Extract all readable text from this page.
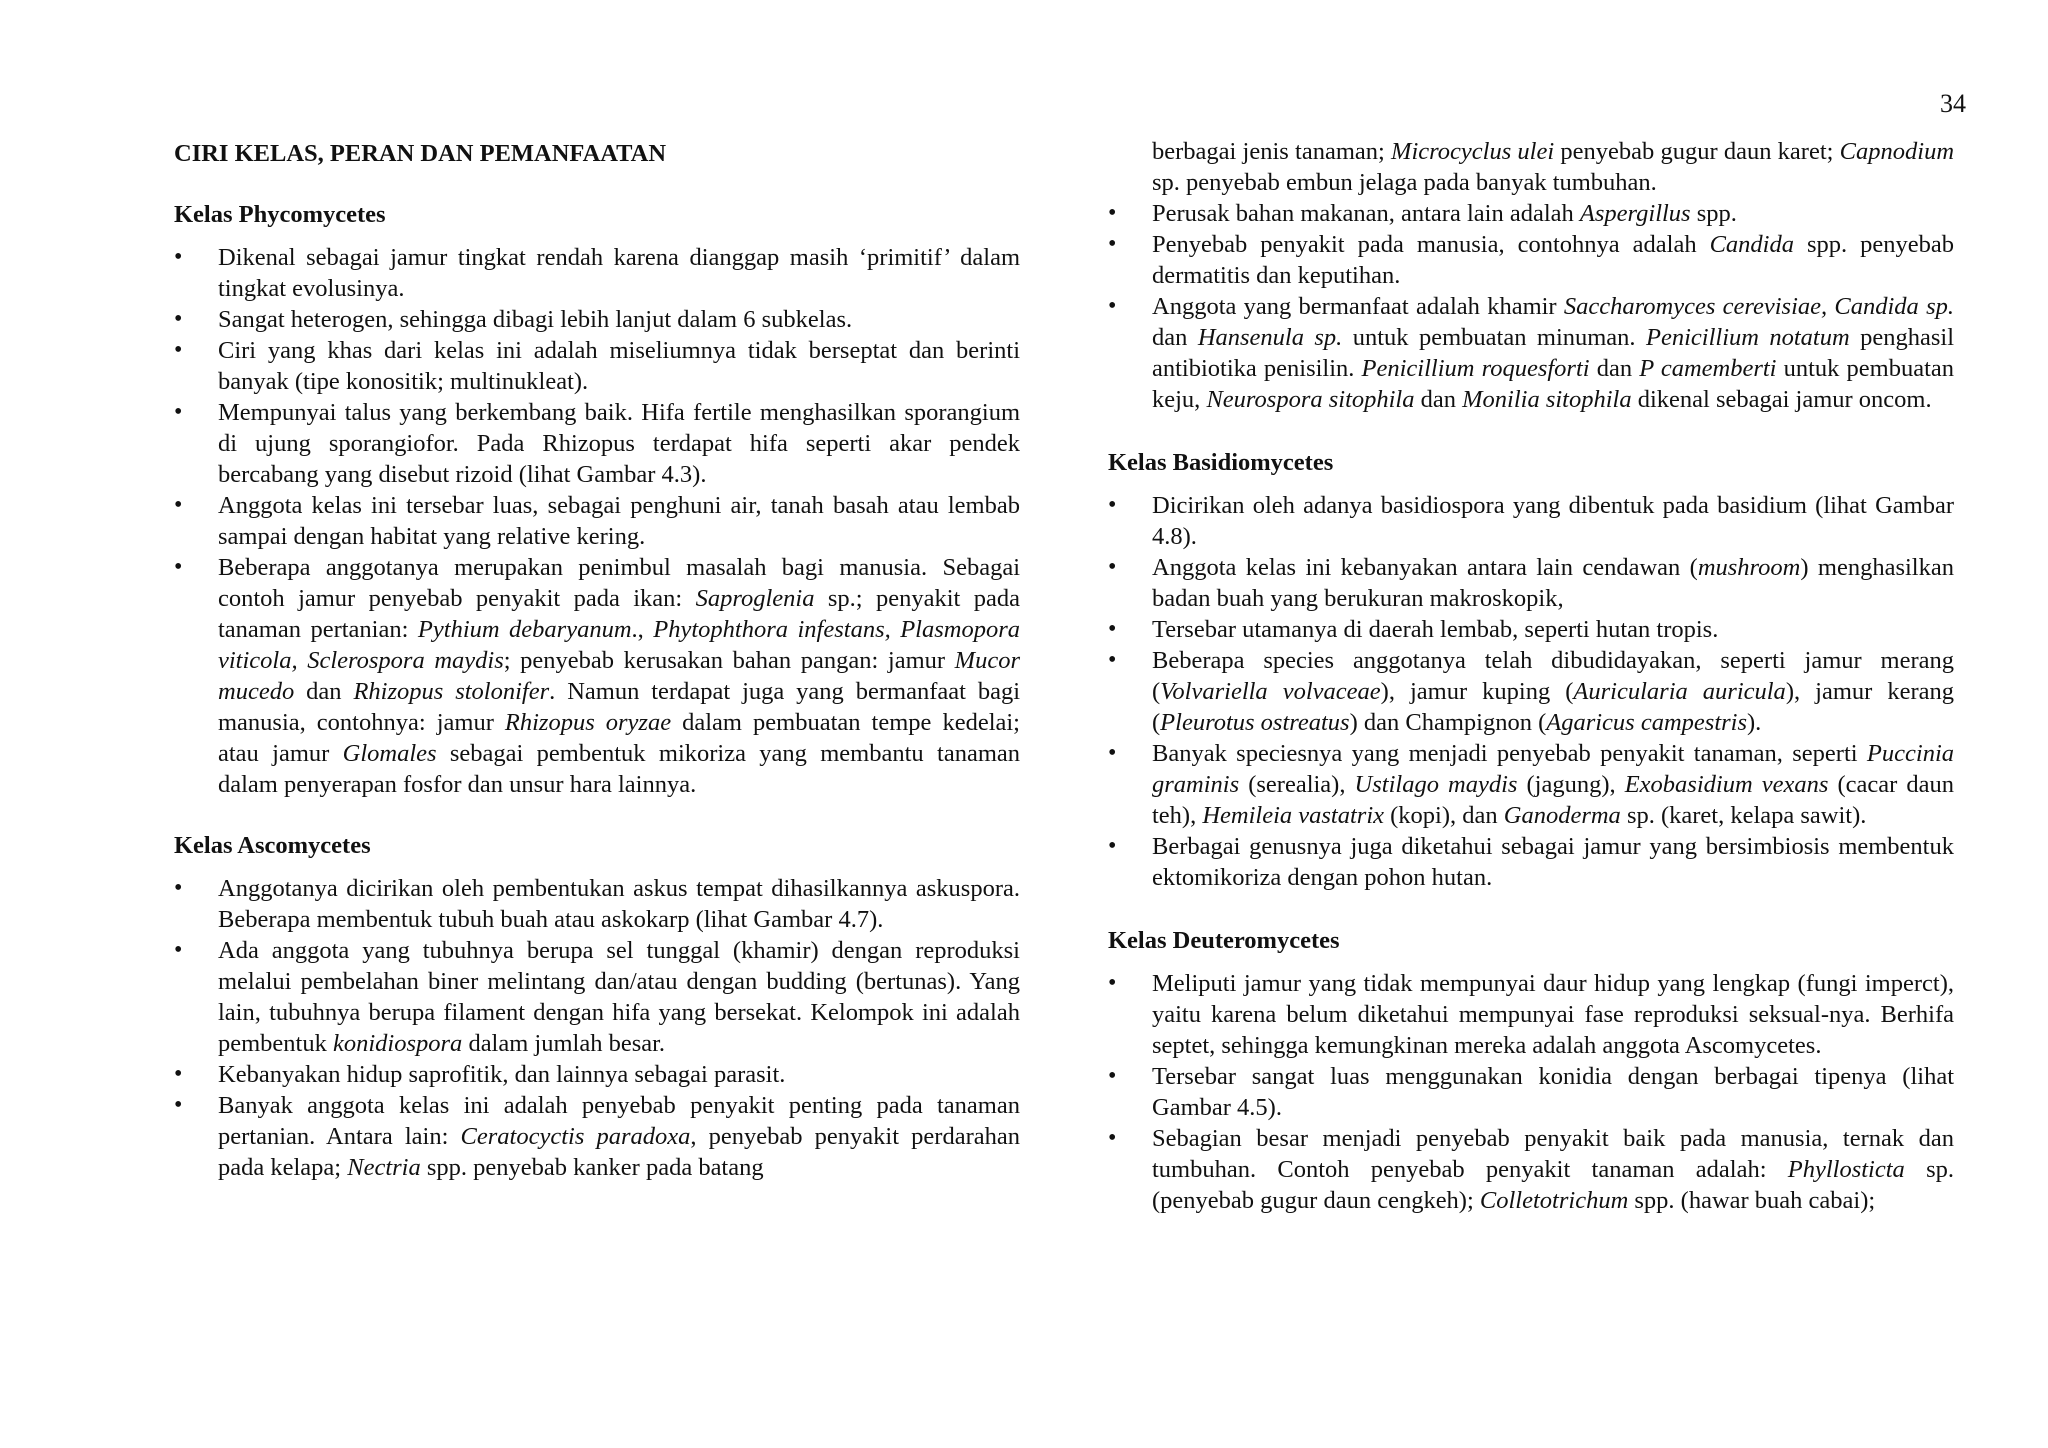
34
CIRI KELAS, PERAN DAN PEMANFAATAN
Kelas Phycomycetes
• Dikenal sebagai jamur tingkat rendah karena dianggap masih ‘primitif’ dalam tingkat evolusinya.
• Sangat heterogen, sehingga dibagi lebih lanjut dalam 6 subkelas.
• Ciri yang khas dari kelas ini adalah miseliumnya tidak berseptat dan berinti banyak (tipe konositik; multinukleat).
• Mempunyai talus yang berkembang baik. Hifa fertile menghasilkan sporangium di ujung sporangiofor. Pada Rhizopus terdapat hifa seperti akar pendek bercabang yang disebut rizoid (lihat Gambar 4.3).
• Anggota kelas ini tersebar luas, sebagai penghuni air, tanah basah atau lembab sampai dengan habitat yang relative kering.
• Beberapa anggotanya merupakan penimbul masalah bagi manusia. Sebagai contoh jamur penyebab penyakit pada ikan: Saproglenia sp.; penyakit pada tanaman pertanian: Pythium debaryanum., Phytophthora infestans, Plasmopora viticola, Sclerospora maydis; penyebab kerusakan bahan pangan: jamur Mucor mucedo dan Rhizopus stolonifer. Namun terdapat juga yang bermanfaat bagi manusia, contohnya: jamur Rhizopus oryzae dalam pembuatan tempe kedelai; atau jamur Glomales sebagai pembentuk mikoriza yang membantu tanaman dalam penyerapan fosfor dan unsur hara lainnya.
Kelas Ascomycetes
• Anggotanya dicirikan oleh pembentukan askus tempat dihasilkannya askuspora. Beberapa membentuk tubuh buah atau askokarp (lihat Gambar 4.7).
• Ada anggota yang tubuhnya berupa sel tunggal (khamir) dengan reproduksi melalui pembelahan biner melintang dan/atau dengan budding (bertunas). Yang lain, tubuhnya berupa filament dengan hifa yang bersekat. Kelompok ini adalah pembentuk konidiospora dalam jumlah besar.
• Kebanyakan hidup saprofitik, dan lainnya sebagai parasit.
• Banyak anggota kelas ini adalah penyebab penyakit penting pada tanaman pertanian. Antara lain: Ceratocyctis paradoxa, penyebab penyakit perdarahan pada kelapa; Nectria spp. penyebab kanker pada batang
berbagai jenis tanaman; Microcyclus ulei penyebab gugur daun karet; Capnodium sp. penyebab embun jelaga pada banyak tumbuhan.
• Perusak bahan makanan, antara lain adalah Aspergillus spp.
• Penyebab penyakit pada manusia, contohnya adalah Candida spp. penyebab dermatitis dan keputihan.
• Anggota yang bermanfaat adalah khamir Saccharomyces cerevisiae, Candida sp. dan Hansenula sp. untuk pembuatan minuman. Penicillium notatum penghasil antibiotika penisilin. Penicillium roquesforti dan P camemberti untuk pembuatan keju, Neurospora sitophila dan Monilia sitophila dikenal sebagai jamur oncom.
Kelas Basidiomycetes
• Dicirikan oleh adanya basidiospora yang dibentuk pada basidium (lihat Gambar 4.8).
• Anggota kelas ini kebanyakan antara lain cendawan (mushroom) menghasilkan badan buah yang berukuran makroskopik,
• Tersebar utamanya di daerah lembab, seperti hutan tropis.
• Beberapa species anggotanya telah dibudidayakan, seperti jamur merang (Volvariella volvaceae), jamur kuping (Auricularia auricula), jamur kerang (Pleurotus ostreatus) dan Champignon (Agaricus campestris).
• Banyak speciesnya yang menjadi penyebab penyakit tanaman, seperti Puccinia graminis (serealia), Ustilago maydis (jagung), Exobasidium vexans (cacar daun teh), Hemileia vastatrix (kopi), dan Ganoderma sp. (karet, kelapa sawit).
• Berbagai genusnya juga diketahui sebagai jamur yang bersimbiosis membentuk ektomikoriza dengan pohon hutan.
Kelas Deuteromycetes
• Meliputi jamur yang tidak mempunyai daur hidup yang lengkap (fungi imperct), yaitu karena belum diketahui mempunyai fase reproduksi seksual-nya. Berhifa septet, sehingga kemungkinan mereka adalah anggota Ascomycetes.
• Tersebar sangat luas menggunakan konidia dengan berbagai tipenya (lihat Gambar 4.5).
• Sebagian besar menjadi penyebab penyakit baik pada manusia, ternak dan tumbuhan. Contoh penyebab penyakit tanaman adalah: Phyllosticta sp. (penyebab gugur daun cengkeh); Colletotrichum spp. (hawar buah cabai);
